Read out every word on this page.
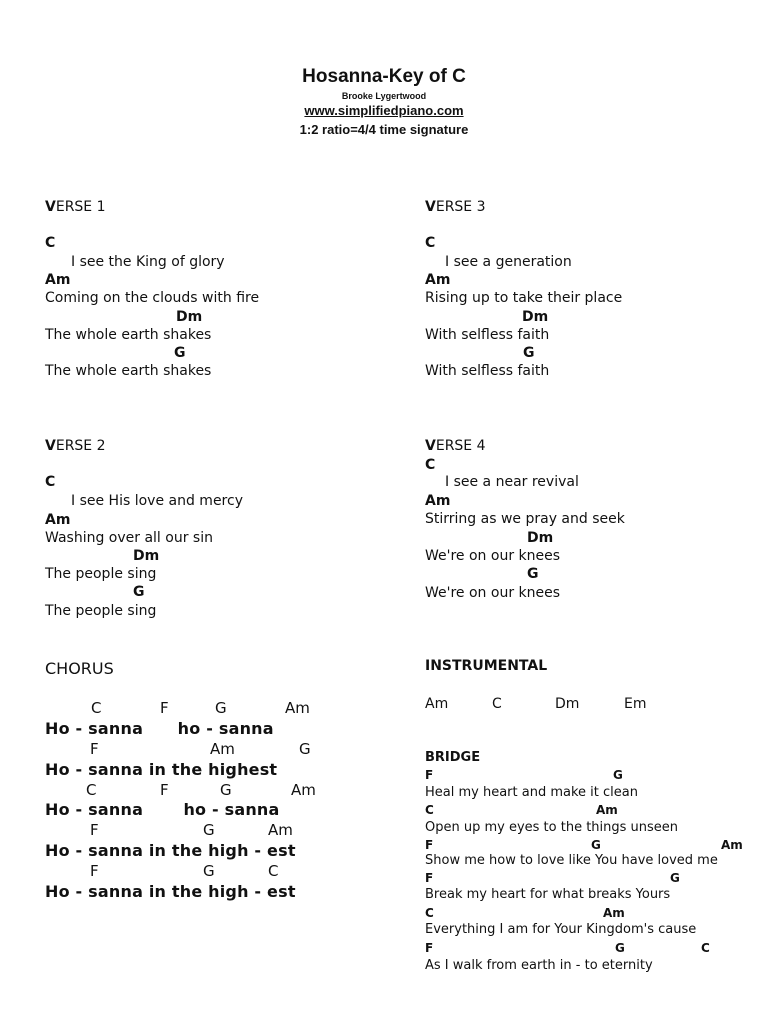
Hosanna-Key of C
Brooke Lygertwood
www.simplifiedpiano.com
1:2 ratio=4/4 time signature
VERSE 1
C
I see the King of glory
Am
Coming on the clouds with fire
Dm
The whole earth shakes
G
The whole earth shakes
VERSE 2
C
I see His love and mercy
Am
Washing over all our sin
Dm
The people sing
G
The people sing
VERSE 3
C
I see a generation
Am
Rising up to take their place
Dm
With selfless faith
G
With selfless faith
VERSE 4
C
I see a near revival
Am
Stirring as we pray and seek
Dm
We're on our knees
G
We're on our knees
CHORUS
C	F	G	Am
Ho - sanna      ho - sanna
F	Am	G
Ho - sanna in the highest
C	F	G	Am
Ho - sanna       ho - sanna
F	G	Am
Ho - sanna in the high - est
F	G	C
Ho - sanna in the high - est
INSTRUMENTAL
Am	C	Dm	Em
BRIDGE
F	G
Heal my heart and make it clean
C	Am
Open up my eyes to the things unseen
F	G	Am
Show me how to love like You have loved me
F	G
Break my heart for what breaks Yours
C	Am
Everything I am for Your Kingdom's cause
F	G	C
As I walk from earth in - to eternity
